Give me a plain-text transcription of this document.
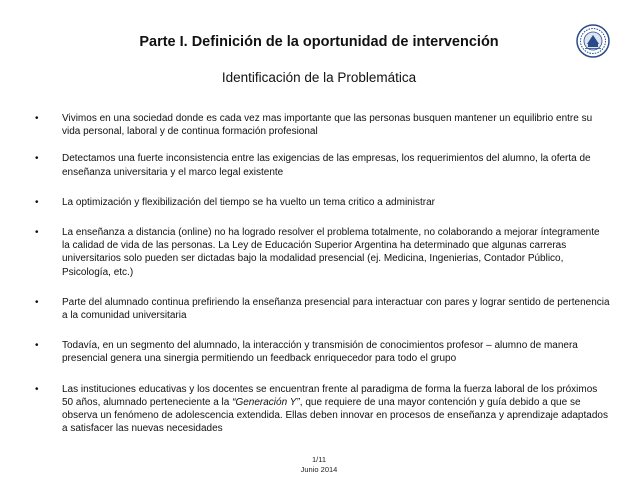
Parte I. Definición de la oportunidad de intervención
Identificación de la Problemática
• Vivimos en una sociedad donde es cada vez mas importante que las personas busquen mantener un equilibrio entre su vida personal, laboral y de continua formación profesional
• Detectamos una fuerte inconsistencia entre las exigencias de las empresas, los requerimientos del alumno, la oferta de enseñanza universitaria y el marco legal existente
• La optimización y flexibilización del tiempo se ha vuelto un tema critico a administrar
• La enseñanza a distancia (online) no ha logrado resolver el problema totalmente, no colaborando a mejorar íntegramente la calidad de vida de las personas. La Ley de Educación Superior Argentina ha determinado que algunas carreras universitarios solo pueden ser dictadas bajo la modalidad presencial (ej. Medicina, Ingenierias, Contador Público, Psicología, etc.)
• Parte del alumnado continua prefiriendo la enseñanza presencial para interactuar con pares y lograr sentido de pertenencia a la comunidad universitaria
• Todavía, en un segmento del alumnado, la interacción y transmisión de conocimientos profesor – alumno de manera presencial genera una sinergia permitiendo un feedback enriquecedor para todo el grupo
• Las instituciones educativas y los docentes se encuentran frente al paradigma de forma la fuerza laboral de los próximos 50 años, alumnado perteneciente a la “Generación Y”, que requiere de una mayor contención y guía debido a que se observa un fenómeno de adolescencia extendida. Ellas deben innovar en procesos de enseñanza y aprendizaje adaptados a satisfacer las nuevas necesidades
1/11
Junio 2014
